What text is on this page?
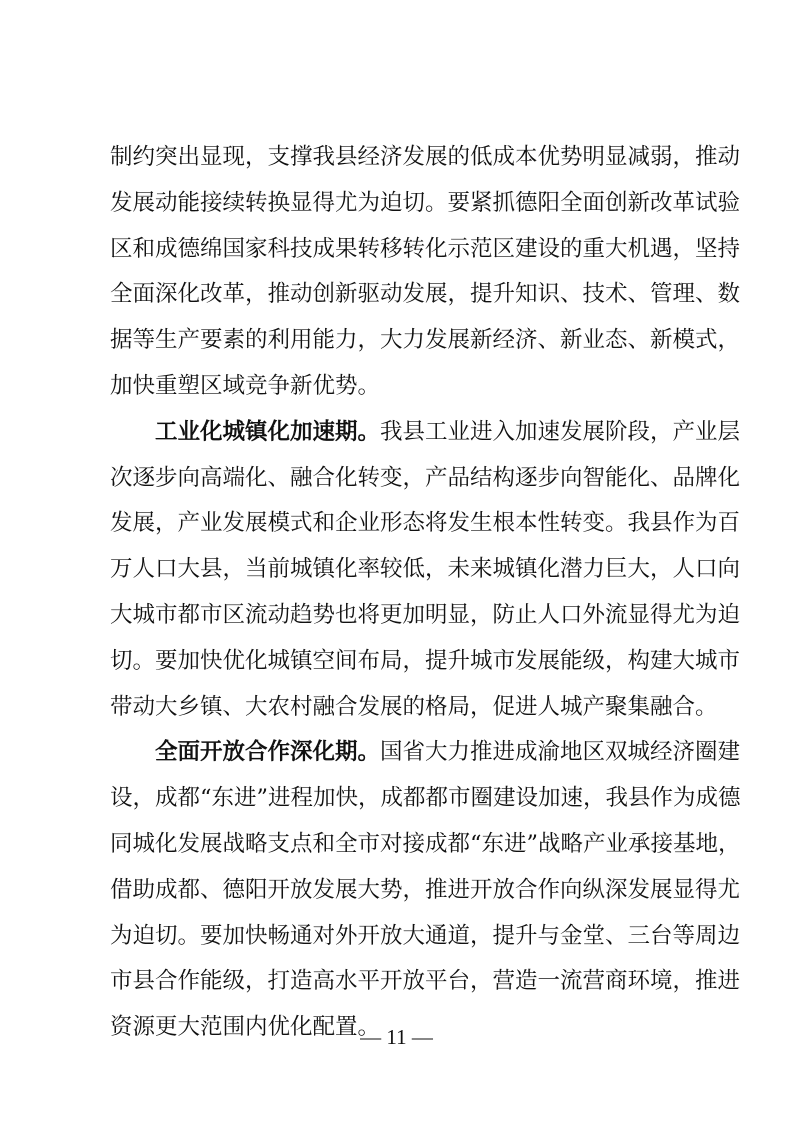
制约突出显现，支撑我县经济发展的低成本优势明显减弱，推动
发展动能接续转换显得尤为迫切。要紧抓德阳全面创新改革试验
区和成德绵国家科技成果转移转化示范区建设的重大机遇，坚持
全面深化改革，推动创新驱动发展，提升知识、技术、管理、数
据等生产要素的利用能力，大力发展新经济、新业态、新模式，
加快重塑区域竞争新优势。
工业化城镇化加速期。我县工业进入加速发展阶段，产业层
次逐步向高端化、融合化转变，产品结构逐步向智能化、品牌化
发展，产业发展模式和企业形态将发生根本性转变。我县作为百
万人口大县，当前城镇化率较低，未来城镇化潜力巨大，人口向
大城市都市区流动趋势也将更加明显，防止人口外流显得尤为迫
切。要加快优化城镇空间布局，提升城市发展能级，构建大城市
带动大乡镇、大农村融合发展的格局，促进人城产聚集融合。
全面开放合作深化期。国省大力推进成渝地区双城经济圈建
设，成都“东进”进程加快，成都都市圈建设加速，我县作为成德
同城化发展战略支点和全市对接成都“东进”战略产业承接基地，
借助成都、德阳开放发展大势，推进开放合作向纵深发展显得尤
为迫切。要加快畅通对外开放大通道，提升与金堂、三台等周边
市县合作能级，打造高水平开放平台，营造一流营商环境，推进
资源更大范围内优化配置。
— 11 —
